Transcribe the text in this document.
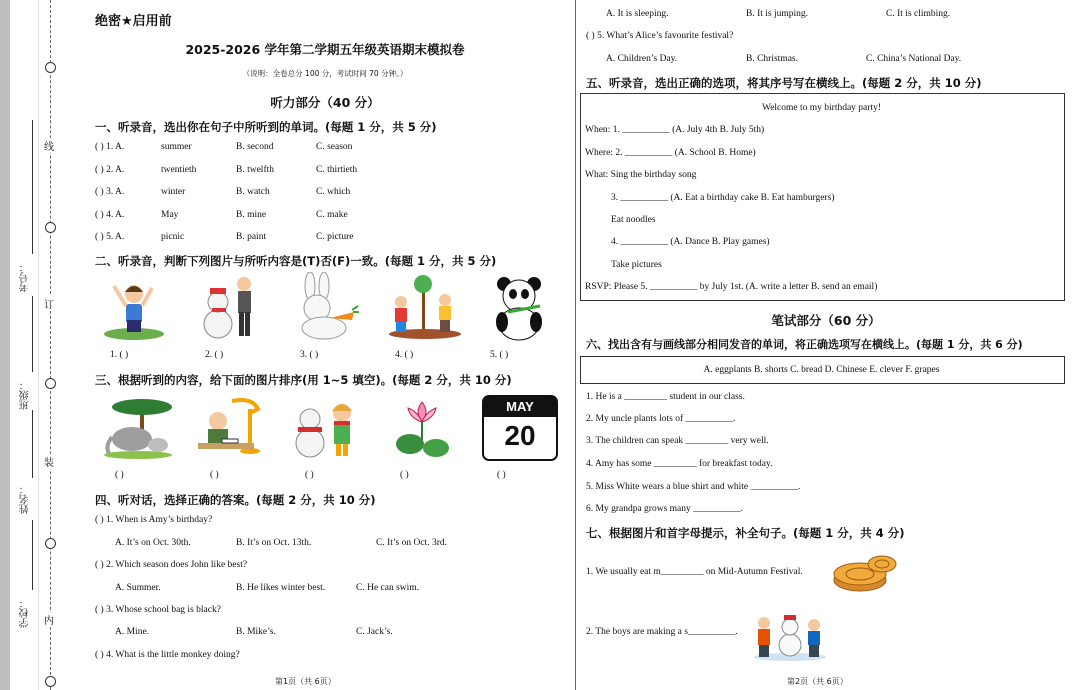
学校：
姓名：
班级：
考号：
线
订
装
内
绝密★启用前
2025-2026 学年第二学期五年级英语期末模拟卷
（说明：全卷总分 100 分，考试时间 70 分钟。）
听力部分（40 分）
一、听录音，选出你在句子中所听到的单词。(每题 1 分，共 5 分)
( ) 1. A.	summer	B. second	C. season
( ) 2. A.	twentieth	B. twelfth	C. thirtieth
( ) 3. A.	winter	B. watch	C. which
( ) 4. A.	May	B. mine	C. make
( ) 5. A.	picnic	B. paint	C. picture
二、听录音，判断下列图片与所听内容是(T)否(F)一致。(每题 1 分，共 5 分)
1. ( )	2. ( )	3. ( )	4. ( )	5. ( )
三、根据听到的内容，给下面的图片排序(用 1~5 填空)。(每题 2 分，共 10 分)
MAY
20
( )	( )	( )	( )	( )
四、听对话，选择正确的答案。(每题 2 分，共 10 分)
( ) 1. When is Amy’s birthday?
A. It’s on Oct. 30th.	B. It’s on Oct. 13th.	C. It’s on Oct. 3rd.
( ) 2. Which season does John like best?
A. Summer.	B. He likes winter best.	C. He can swim.
( ) 3. Whose school bag is black?
A. Mine.	B. Mike’s.	C. Jack’s.
( ) 4. What is the little monkey doing?
第1页（共 6页）
A. It is sleeping.	B. It is jumping.	C. It is climbing.
( ) 5. What’s Alice’s favourite festival?
A. Children’s Day.	B. Christmas.	C. China’s National Day.
五、听录音，选出正确的选项，将其序号写在横线上。(每题 2 分，共 10 分)
Welcome to my birthday party!
When: 1. __________ (A. July 4th B. July 5th)
Where: 2. __________ (A. School B. Home)
What: Sing the birthday song
3. __________ (A. Eat a birthday cake B. Eat hamburgers)
Eat noodles
4. __________ (A. Dance B. Play games)
Take pictures
RSVP: Please 5. __________ by July 1st. (A. write a letter B. send an email)
笔试部分（60 分）
六、找出含有与画线部分相同发音的单词，将正确选项写在横线上。(每题 1 分，共 6 分)
A. eggplants B. shorts C. bread D. Chinese E. clever F. grapes
1. He is a _________ student in our class.
2. My uncle plants lots of __________.
3. The children can speak _________ very well.
4. Amy has some _________ for breakfast today.
5. Miss White wears a blue shirt and white __________.
6. My grandpa grows many __________.
七、根据图片和首字母提示，补全句子。(每题 1 分，共 4 分)
1. We usually eat m_________ on Mid-Autumn Festival.
2. The boys are making a s__________.
第2页（共 6页）
